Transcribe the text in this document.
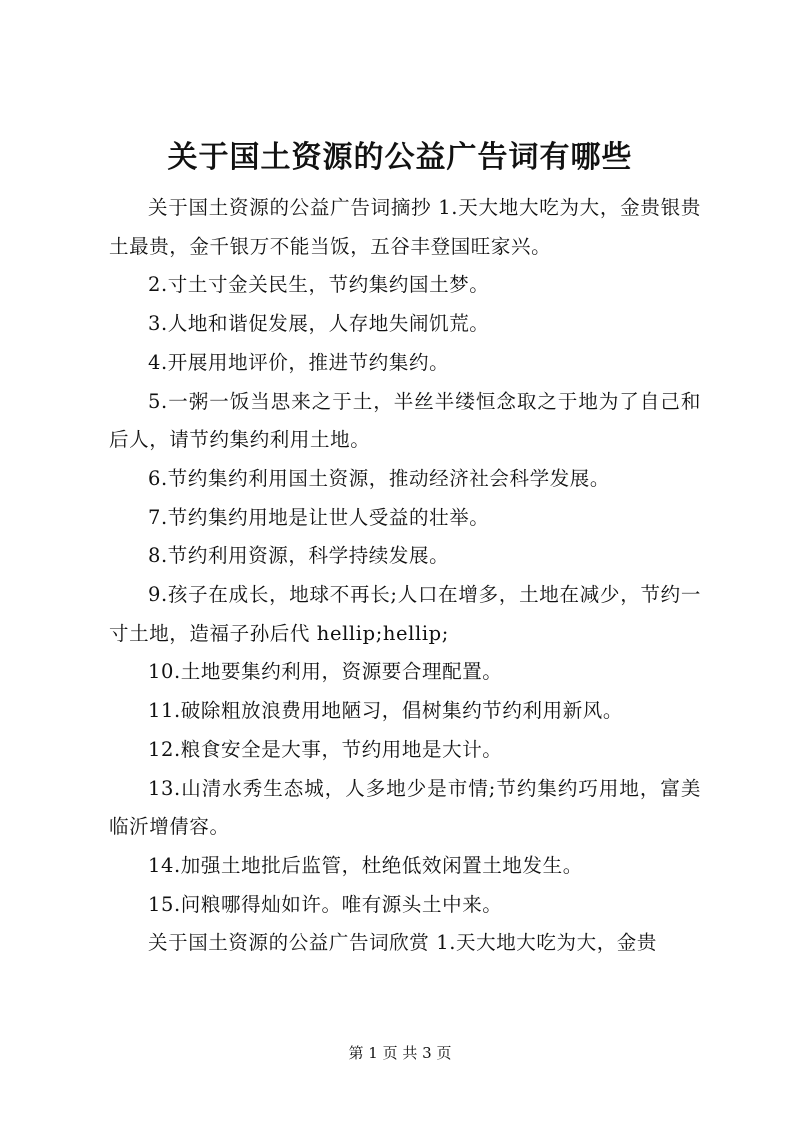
关于国土资源的公益广告词有哪些

关于国土资源的公益广告词摘抄 1.天大地大吃为大，金贵银贵土最贵，金千银万不能当饭，五谷丰登国旺家兴。

2.寸土寸金关民生，节约集约国土梦。

3.人地和谐促发展，人存地失闹饥荒。

4.开展用地评价，推进节约集约。

5.一粥一饭当思来之于土，半丝半缕恒念取之于地为了自己和后人，请节约集约利用土地。

6.节约集约利用国土资源，推动经济社会科学发展。

7.节约集约用地是让世人受益的壮举。

8.节约利用资源，科学持续发展。

9.孩子在成长，地球不再长;人口在增多，土地在减少，节约一寸土地，造福子孙后代 hellip;hellip;

10.土地要集约利用，资源要合理配置。

11.破除粗放浪费用地陋习，倡树集约节约利用新风。

12.粮食安全是大事，节约用地是大计。

13.山清水秀生态城，人多地少是市情;节约集约巧用地，富美临沂增倩容。

14.加强土地批后监管，杜绝低效闲置土地发生。

15.问粮哪得灿如许。唯有源头土中来。

关于国土资源的公益广告词欣赏 1.天大地大吃为大，金贵

第 1 页 共 3 页
